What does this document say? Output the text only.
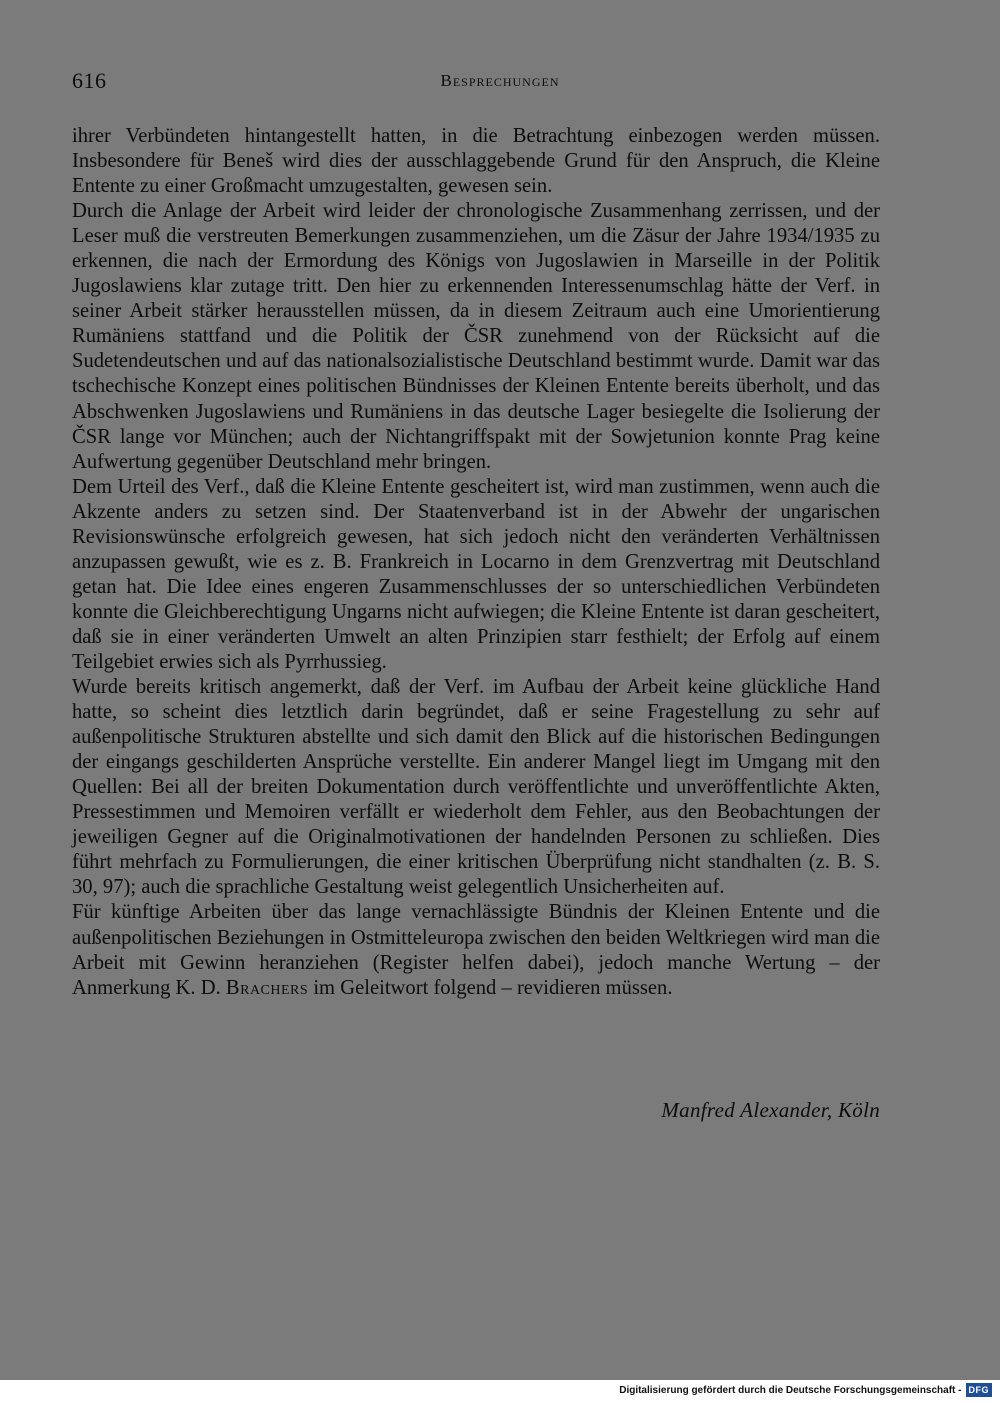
616	Besprechungen

ihrer Verbündeten hintangestellt hatten, in die Betrachtung einbezogen werden müssen. Insbesondere für Beneš wird dies der ausschlaggebende Grund für den Anspruch, die Kleine Entente zu einer Großmacht umzugestalten, gewesen sein.

Durch die Anlage der Arbeit wird leider der chronologische Zusammenhang zerrissen, und der Leser muß die verstreuten Bemerkungen zusammenziehen, um die Zäsur der Jahre 1934/1935 zu erkennen, die nach der Ermordung des Königs von Jugoslawien in Marseille in der Politik Jugoslawiens klar zutage tritt. Den hier zu erkennenden Interessenumschlag hätte der Verf. in seiner Arbeit stärker herausstellen müssen, da in diesem Zeitraum auch eine Umorientierung Rumäniens stattfand und die Politik der ČSR zunehmend von der Rücksicht auf die Sudetendeutschen und auf das nationalsozialistische Deutschland bestimmt wurde. Damit war das tschechische Konzept eines politischen Bündnisses der Kleinen Entente bereits überholt, und das Abschwenken Jugoslawiens und Rumäniens in das deutsche Lager besiegelte die Isolierung der ČSR lange vor München; auch der Nichtangriffspakt mit der Sowjetunion konnte Prag keine Aufwertung gegenüber Deutschland mehr bringen.

Dem Urteil des Verf., daß die Kleine Entente gescheitert ist, wird man zustimmen, wenn auch die Akzente anders zu setzen sind. Der Staatenverband ist in der Abwehr der ungarischen Revisionswünsche erfolgreich gewesen, hat sich jedoch nicht den veränderten Verhältnissen anzupassen gewußt, wie es z. B. Frankreich in Locarno in dem Grenzvertrag mit Deutschland getan hat. Die Idee eines engeren Zusammenschlusses der so unterschiedlichen Verbündeten konnte die Gleichberechtigung Ungarns nicht aufwiegen; die Kleine Entente ist daran gescheitert, daß sie in einer veränderten Umwelt an alten Prinzipien starr festhielt; der Erfolg auf einem Teilgebiet erwies sich als Pyrrhussieg.

Wurde bereits kritisch angemerkt, daß der Verf. im Aufbau der Arbeit keine glückliche Hand hatte, so scheint dies letztlich darin begründet, daß er seine Fragestellung zu sehr auf außenpolitische Strukturen abstellte und sich damit den Blick auf die historischen Bedingungen der eingangs geschilderten Ansprüche verstellte. Ein anderer Mangel liegt im Umgang mit den Quellen: Bei all der breiten Dokumentation durch veröffentlichte und unveröffentlichte Akten, Pressestimmen und Memoiren verfällt er wiederholt dem Fehler, aus den Beobachtungen der jeweiligen Gegner auf die Originalmotivationen der handelnden Personen zu schließen. Dies führt mehrfach zu Formulierungen, die einer kritischen Überprüfung nicht standhalten (z. B. S. 30, 97); auch die sprachliche Gestaltung weist gelegentlich Unsicherheiten auf.

Für künftige Arbeiten über das lange vernachlässigte Bündnis der Kleinen Entente und die außenpolitischen Beziehungen in Ostmitteleuropa zwischen den beiden Weltkriegen wird man die Arbeit mit Gewinn heranziehen (Register helfen dabei), jedoch manche Wertung – der Anmerkung K. D. Brachers im Geleitwort folgend – revidieren müssen.

Manfred Alexander, Köln
Digitalisierung gefördert durch die Deutsche Forschungsgemeinschaft - DFG
